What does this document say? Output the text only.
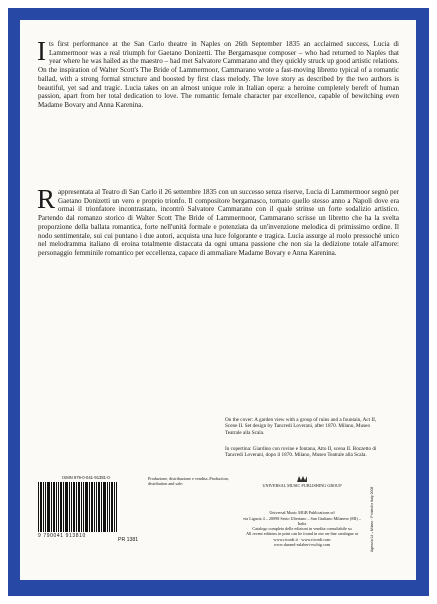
Its first performance at the San Carlo theatre in Naples on 26th September 1835 an acclaimed success, Lucia di Lammermoor was a real triumph for Gaetano Donizetti. The Bergamasque composer – who had returned to Naples that year where he was hailed as the maestro – had met Salvatore Cammarano and they quickly struck up good artistic relations. On the inspiration of Walter Scott's The Bride of Lammermoor, Cammarano wrote a fast-moving libretto typical of a romantic ballad, with a strong formal structure and boosted by first class melody. The love story as described by the two authors is beautiful, yet sad and tragic. Lucia takes on an almost unique role in Italian opera: a heroine completely bereft of human passion, apart from her total dedication to love. The romantic female character par excellence, capable of bewitching even Madame Bovary and Anna Karenina.

Rappresentata al Teatro di San Carlo il 26 settembre 1835 con un successo senza riserve, Lucia di Lammermoor segnò per Gaetano Donizetti un vero e proprio trionfo. Il compositore bergamasco, tornato quello stesso anno a Napoli dove era ormai il trionfatore incontrastato, incontrò Salvatore Cammarano con il quale strinse un forte sodalizio artistico. Partendo dal romanzo storico di Walter Scott The Bride of Lammermoor, Cammarano scrisse un libretto che ha la svelta proporzione della ballata romantica, forte nell'unità formale e potenziata da un'invenzione melodica di primissimo ordine. Il nodo sentimentale, sui cui puntano i due autori, acquista una luce folgorante e tragica. Lucia assurge al ruolo pressoché unico nel melodramma italiano di eroina totalmente distaccata da ogni umana passione che non sia la dedizione totale all'amore: personaggio femminile romantico per eccellenza, capace di ammaliare Madame Bovary e Anna Karenina.

On the cover: A garden view with a group of ruins and a fountain, Act II, Scene II. Set design by Tancredi Loverani, after 1870. Milano, Museo Teatrale alla Scala.

In copertina: Giardino con rovine e fontana, Atto II, scena II. Bozzetto di Tancredi Loverani, dopo il 1870. Milano, Museo Teatrale alla Scala.

ISMN 979-0-041-91381-0

9 790041 913810
PR 1381

Produzione, distribuzione e vendita–Production, distribution and sale:	UNIVERSAL MUSIC PUBLISHING GROUP
Universal Music MGB Publications srl
via Liguria 4 – 20098 Sesto Ulteriano – San Giuliano Milanese (MI) – Italia
Catalogo completo delle edizioni in vendita consultabile su
All recent editions in print can be found in our on-line catalogue at
www.ricordi.it · www.ricordi.com
www.durand-salabert-eschig.com	Agenzia Lil – Milano · Printed in Italy 2008
